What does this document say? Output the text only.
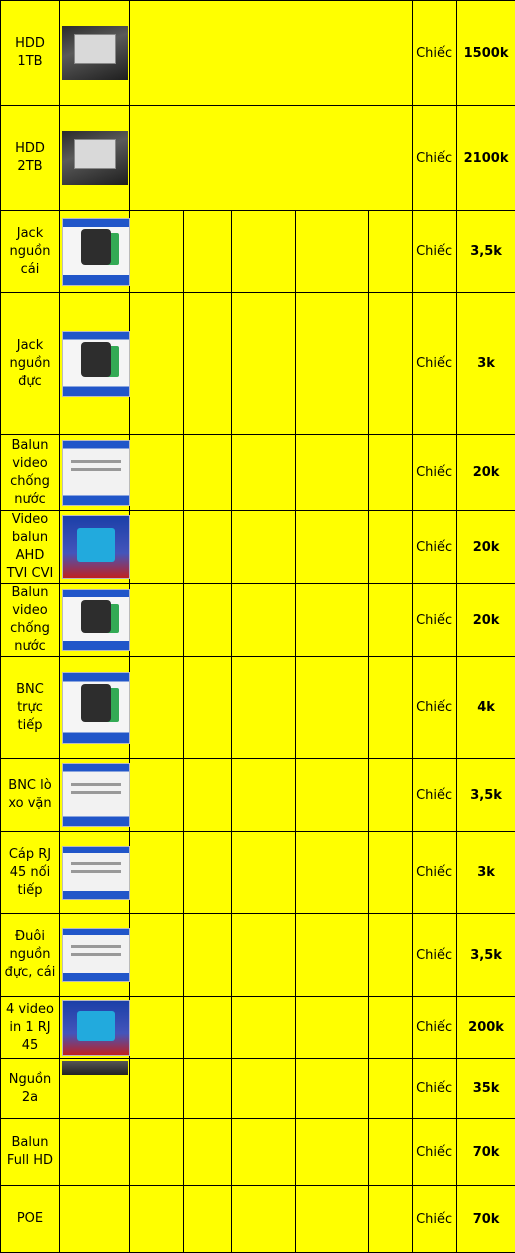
HDD
1TB							Chiếc	1500k
HDD
2TB							Chiếc	2100k
Jack
nguồn
cái							Chiếc	3,5k
Jack
nguồn
đực							Chiếc	3k
Balun
video
chống
nước							Chiếc	20k
Video
balun
AHD
TVI CVI							Chiếc	20k
Balun
video
chống
nước							Chiếc	20k
BNC
trực
tiếp							Chiếc	4k
BNC lò
xo vặn							Chiếc	3,5k
Cáp RJ
45 nối
tiếp							Chiếc	3k
Đuôi
nguồn
đực, cái							Chiếc	3,5k
4 video
in 1 RJ
45							Chiếc	200k
Nguồn
2a							Chiếc	35k
Balun
Full HD							Chiếc	70k
POE							Chiếc	70k
